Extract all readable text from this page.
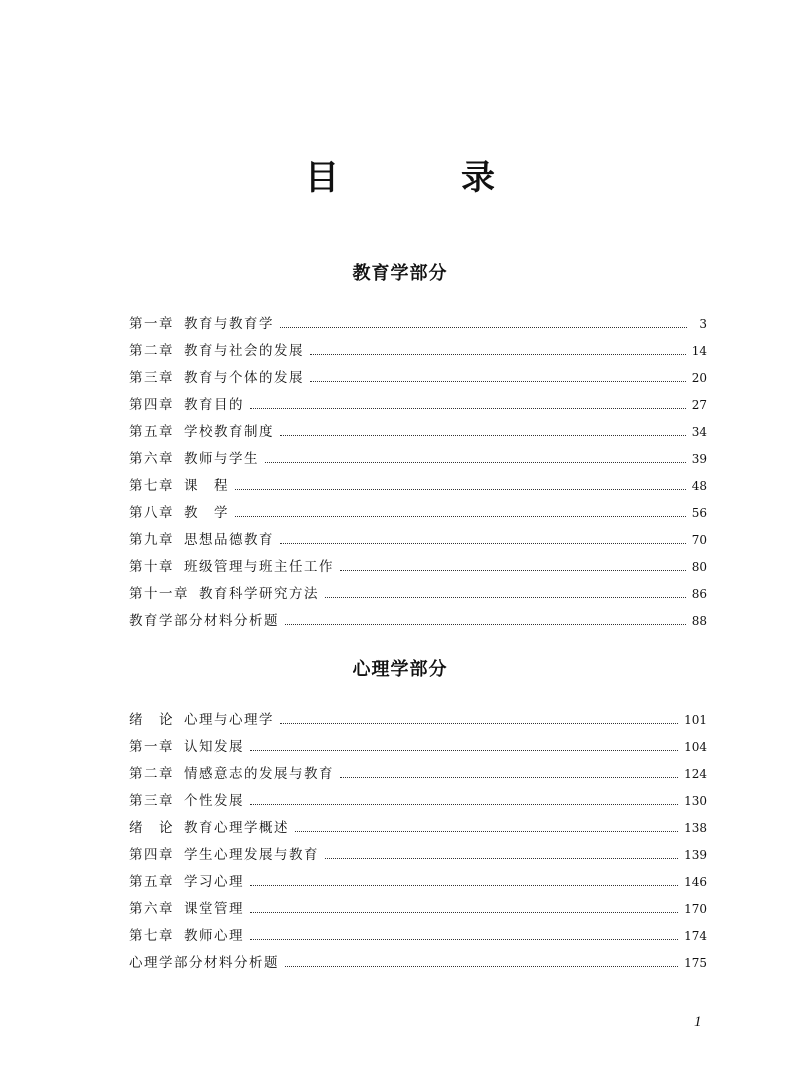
目　录
教育学部分
第一章 教育与教育学	3
第二章 教育与社会的发展	14
第三章 教育与个体的发展	20
第四章 教育目的	27
第五章 学校教育制度	34
第六章 教师与学生	39
第七章 课　程	48
第八章 教　学	56
第九章 思想品德教育	70
第十章 班级管理与班主任工作	80
第十一章 教育科学研究方法	86
教育学部分材料分析题	88
心理学部分
绪　论 心理与心理学	101
第一章 认知发展	104
第二章 情感意志的发展与教育	124
第三章 个性发展	130
绪　论 教育心理学概述	138
第四章 学生心理发展与教育	139
第五章 学习心理	146
第六章 课堂管理	170
第七章 教师心理	174
心理学部分材料分析题	175
1
